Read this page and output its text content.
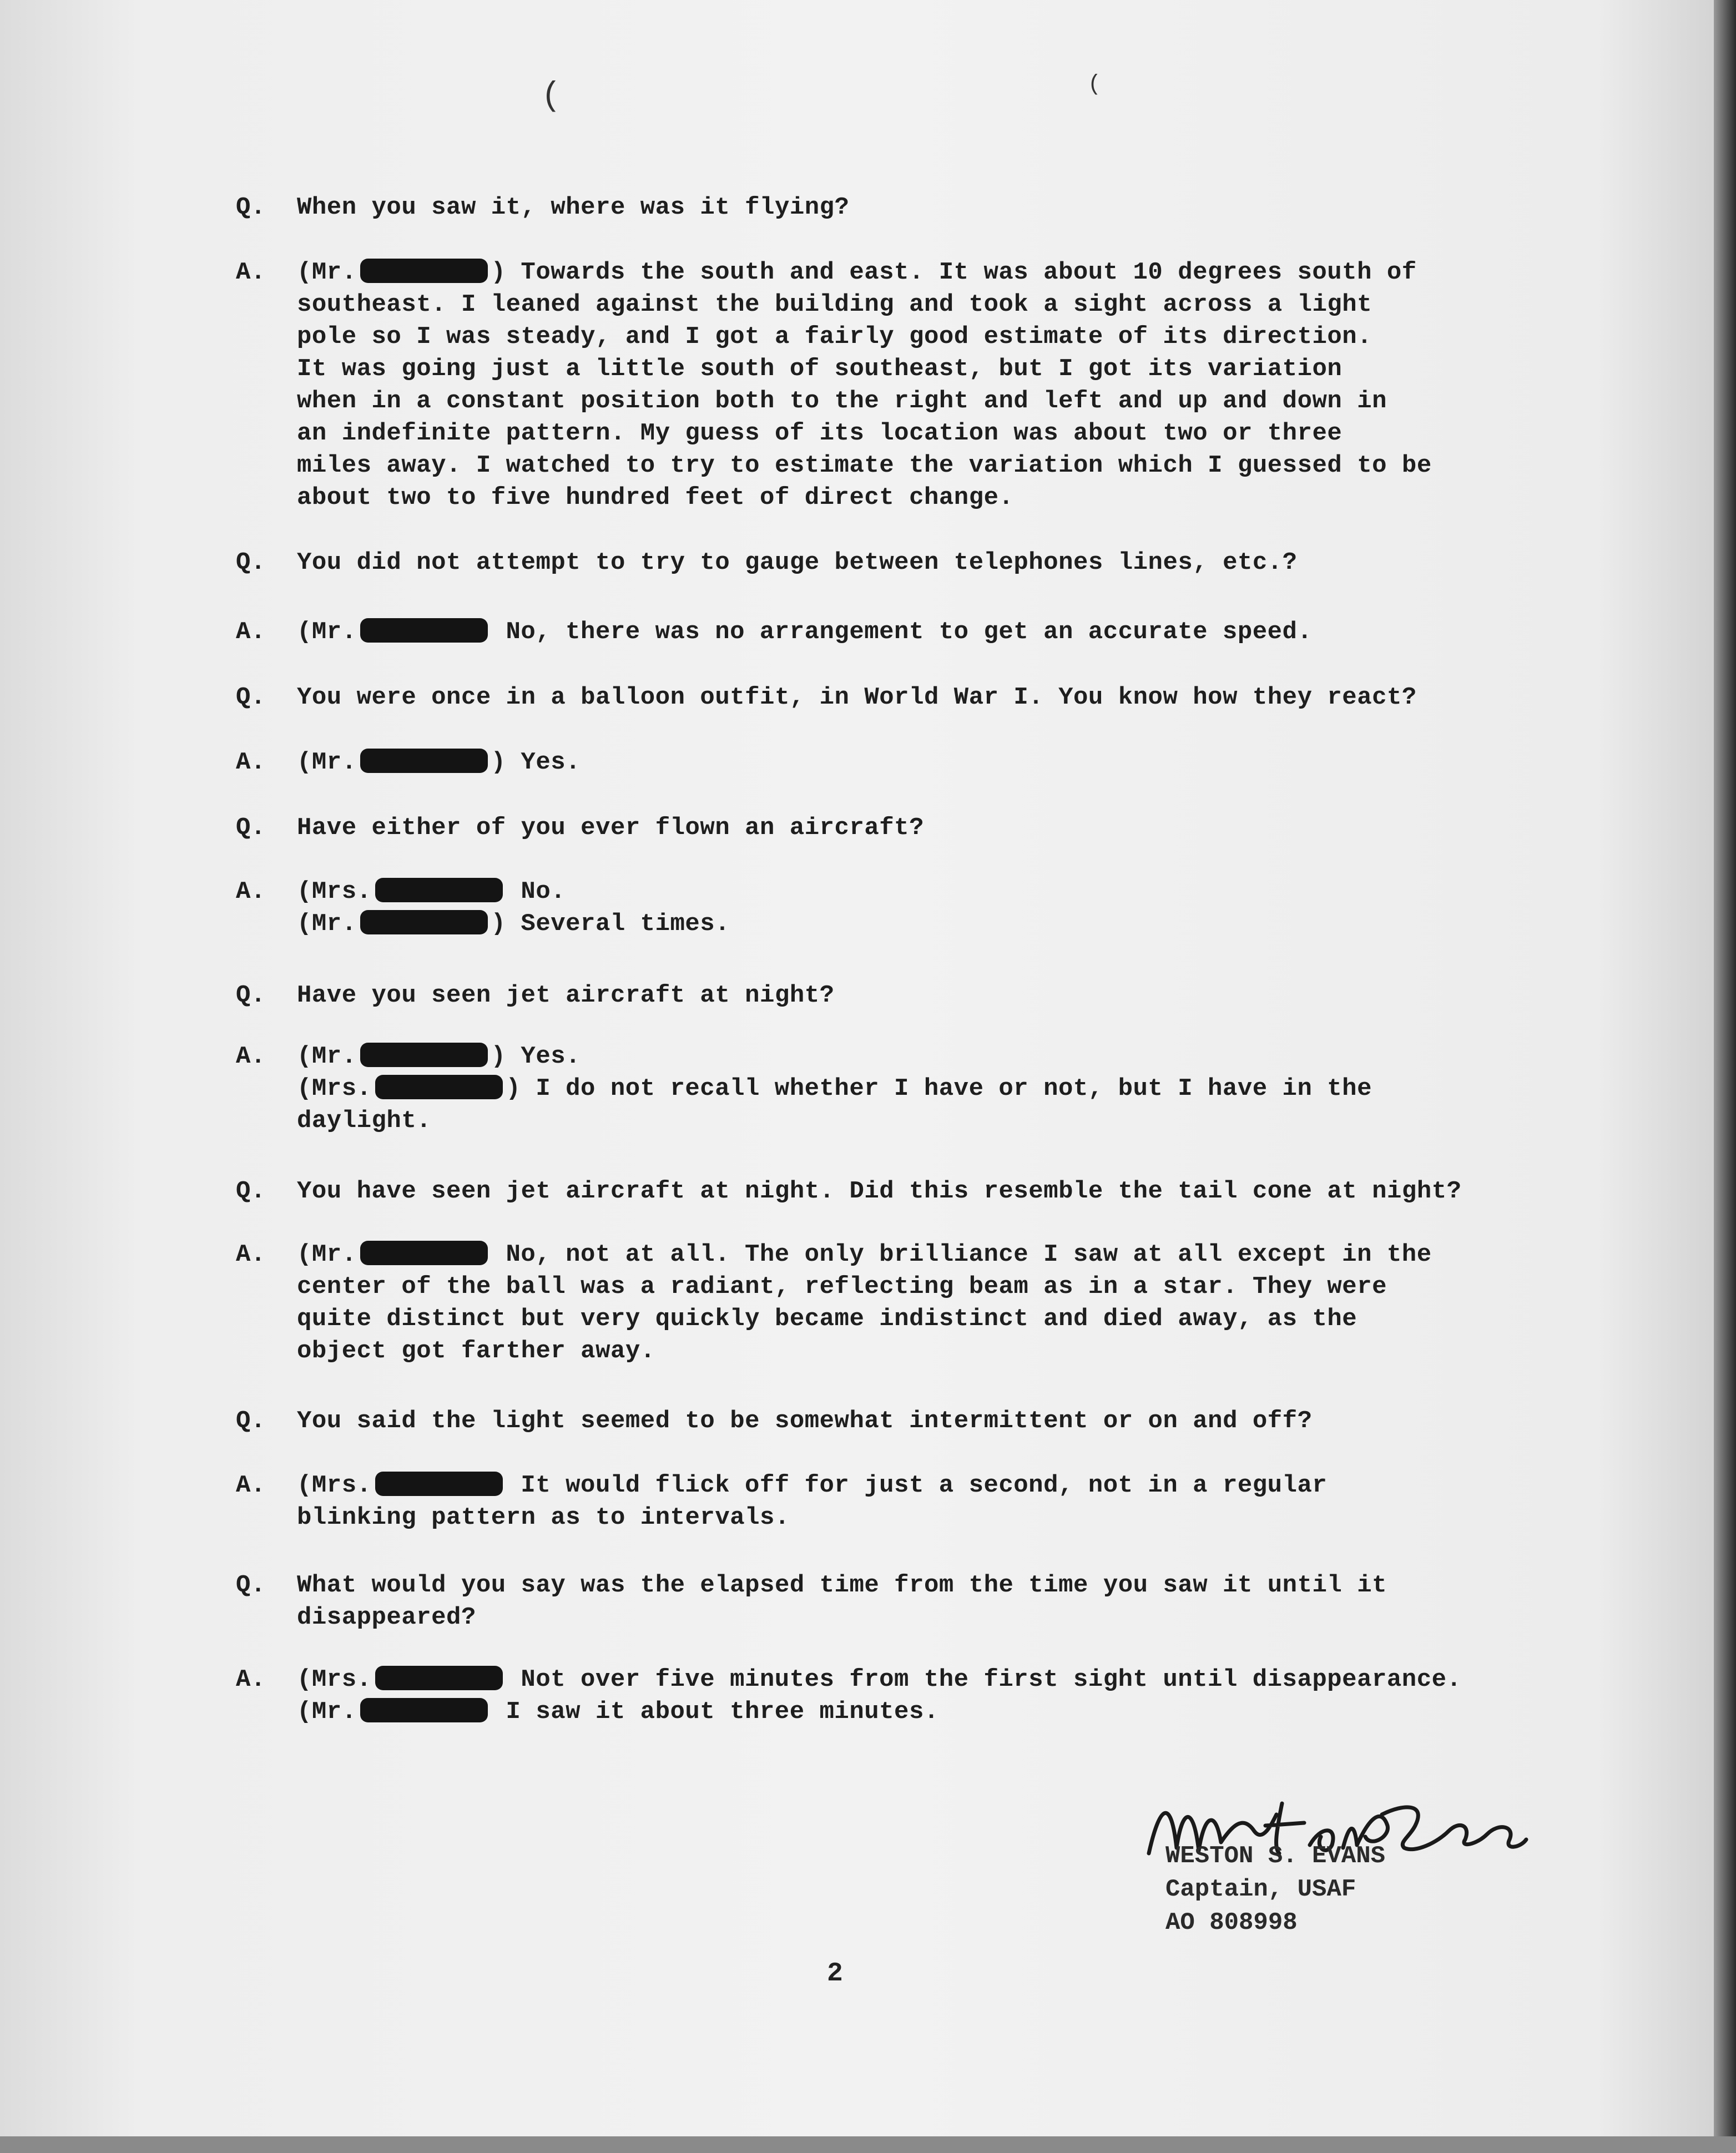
(	(
Q.	When you saw it, where was it flying?
A.	(Mr.	) Towards the south and east. It was about 10 degrees south of
southeast. I leaned against the building and took a sight across a light
pole so I was steady, and I got a fairly good estimate of its direction.
It was going just a little south of southeast, but I got its variation
when in a constant position both to the right and left and up and down in
an indefinite pattern. My guess of its location was about two or three
miles away. I watched to try to estimate the variation which I guessed to be
about two to five hundred feet of direct change.
Q.	You did not attempt to try to gauge between telephones lines, etc.?
A.	(Mr.	No, there was no arrangement to get an accurate speed.
Q.	You were once in a balloon outfit, in World War I. You know how they react?
A.	(Mr.	) Yes.
Q.	Have either of you ever flown an aircraft?
A.	(Mrs.	No.
(Mr.	) Several times.
Q.	Have you seen jet aircraft at night?
A.	(Mr.	) Yes.
(Mrs.	) I do not recall whether I have or not, but I have in the
daylight.
Q.	You have seen jet aircraft at night. Did this resemble the tail cone at night?
A.	(Mr.	No, not at all. The only brilliance I saw at all except in the
center of the ball was a radiant, reflecting beam as in a star. They were
quite distinct but very quickly became indistinct and died away, as the
object got farther away.
Q.	You said the light seemed to be somewhat intermittent or on and off?
A.	(Mrs.	It would flick off for just a second, not in a regular
blinking pattern as to intervals.
Q.	What would you say was the elapsed time from the time you saw it until it
disappeared?
A.	(Mrs.	Not over five minutes from the first sight until disappearance.
(Mr.	I saw it about three minutes.
WESTON S. EVANS
Captain, USAF
AO 808998
2
